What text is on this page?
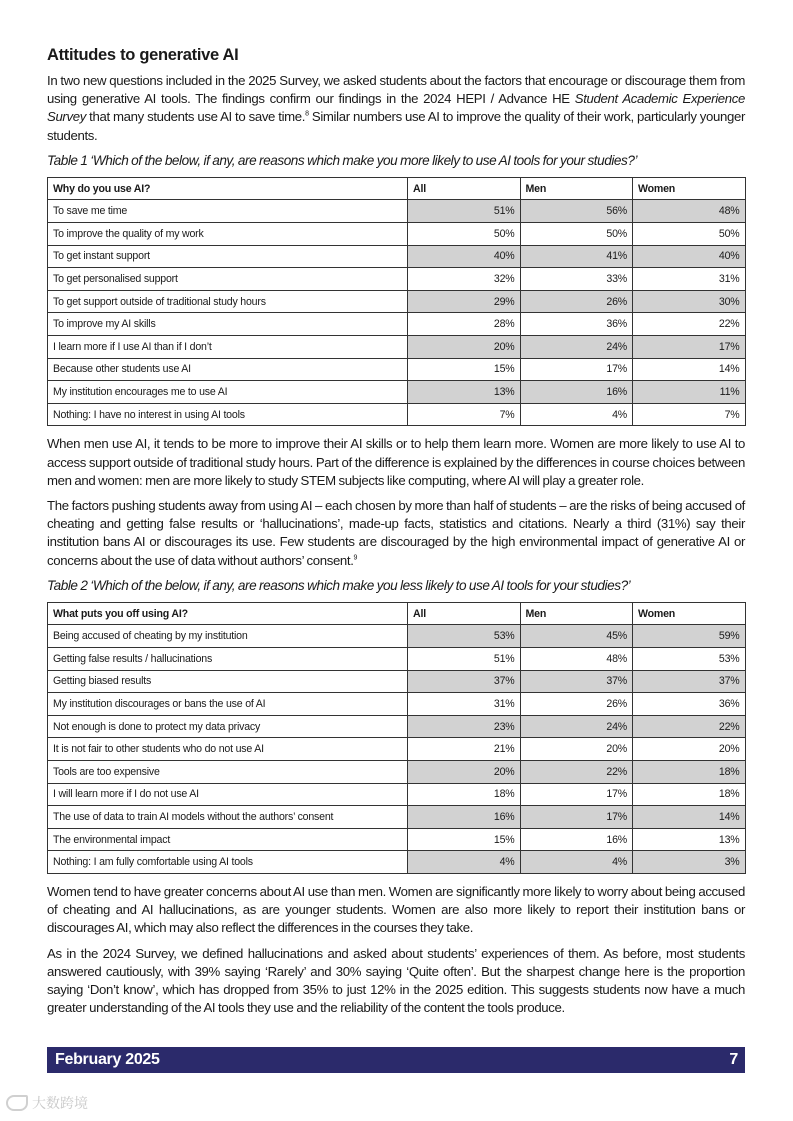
Attitudes to generative AI

In two new questions included in the 2025 Survey, we asked students about the factors that encourage or discourage them from using generative AI tools. The findings confirm our findings in the 2024 HEPI / Advance HE Student Academic Experience Survey that many students use AI to save time.$^8$ Similar numbers use AI to improve the quality of their work, particularly younger students.

Table 1 ‘Which of the below, if any, are reasons which make you more likely to use AI tools for your studies?’
Why do you use AI?	All	Men	Women
To save me time	51%	56%	48%
To improve the quality of my work	50%	50%	50%
To get instant support	40%	41%	40%
To get personalised support	32%	33%	31%
To get support outside of traditional study hours	29%	26%	30%
To improve my AI skills	28%	36%	22%
I learn more if I use AI than if I don’t	20%	24%	17%
Because other students use AI	15%	17%	14%
My institution encourages me to use AI	13%	16%	11%
Nothing: I have no interest in using AI tools	7%	4%	7%

When men use AI, it tends to be more to improve their AI skills or to help them learn more. Women are more likely to use AI to access support outside of traditional study hours. Part of the difference is explained by the differences in course choices between men and women: men are more likely to study STEM subjects like computing, where AI will play a greater role.

The factors pushing students away from using AI – each chosen by more than half of students – are the risks of being accused of cheating and getting false results or ‘hallucinations’, made-up facts, statistics and citations. Nearly a third (31%) say their institution bans AI or discourages its use. Few students are discouraged by the high environmental impact of generative AI or concerns about the use of data without authors’ consent.$^9$

Table 2 ‘Which of the below, if any, are reasons which make you less likely to use AI tools for your studies?’
What puts you off using AI?	All	Men	Women
Being accused of cheating by my institution	53%	45%	59%
Getting false results / hallucinations	51%	48%	53%
Getting biased results	37%	37%	37%
My institution discourages or bans the use of AI	31%	26%	36%
Not enough is done to protect my data privacy	23%	24%	22%
It is not fair to other students who do not use AI	21%	20%	20%
Tools are too expensive	20%	22%	18%
I will learn more if I do not use AI	18%	17%	18%
The use of data to train AI models without the authors’ consent	16%	17%	14%
The environmental impact	15%	16%	13%
Nothing: I am fully comfortable using AI tools	4%	4%	3%

Women tend to have greater concerns about AI use than men. Women are significantly more likely to worry about being accused of cheating and AI hallucinations, as are younger students. Women are also more likely to report their institution bans or discourages AI, which may also reflect the differences in the courses they take.

As in the 2024 Survey, we defined hallucinations and asked about students’ experiences of them. As before, most students answered cautiously, with 39% saying ‘Rarely’ and 30% saying ‘Quite often’. But the sharpest change here is the proportion saying ‘Don’t know’, which has dropped from 35% to just 12% in the 2025 edition. This suggests students now have a much greater understanding of the AI tools they use and the reliability of the content the tools produce.

February 2025	7
大数跨境
